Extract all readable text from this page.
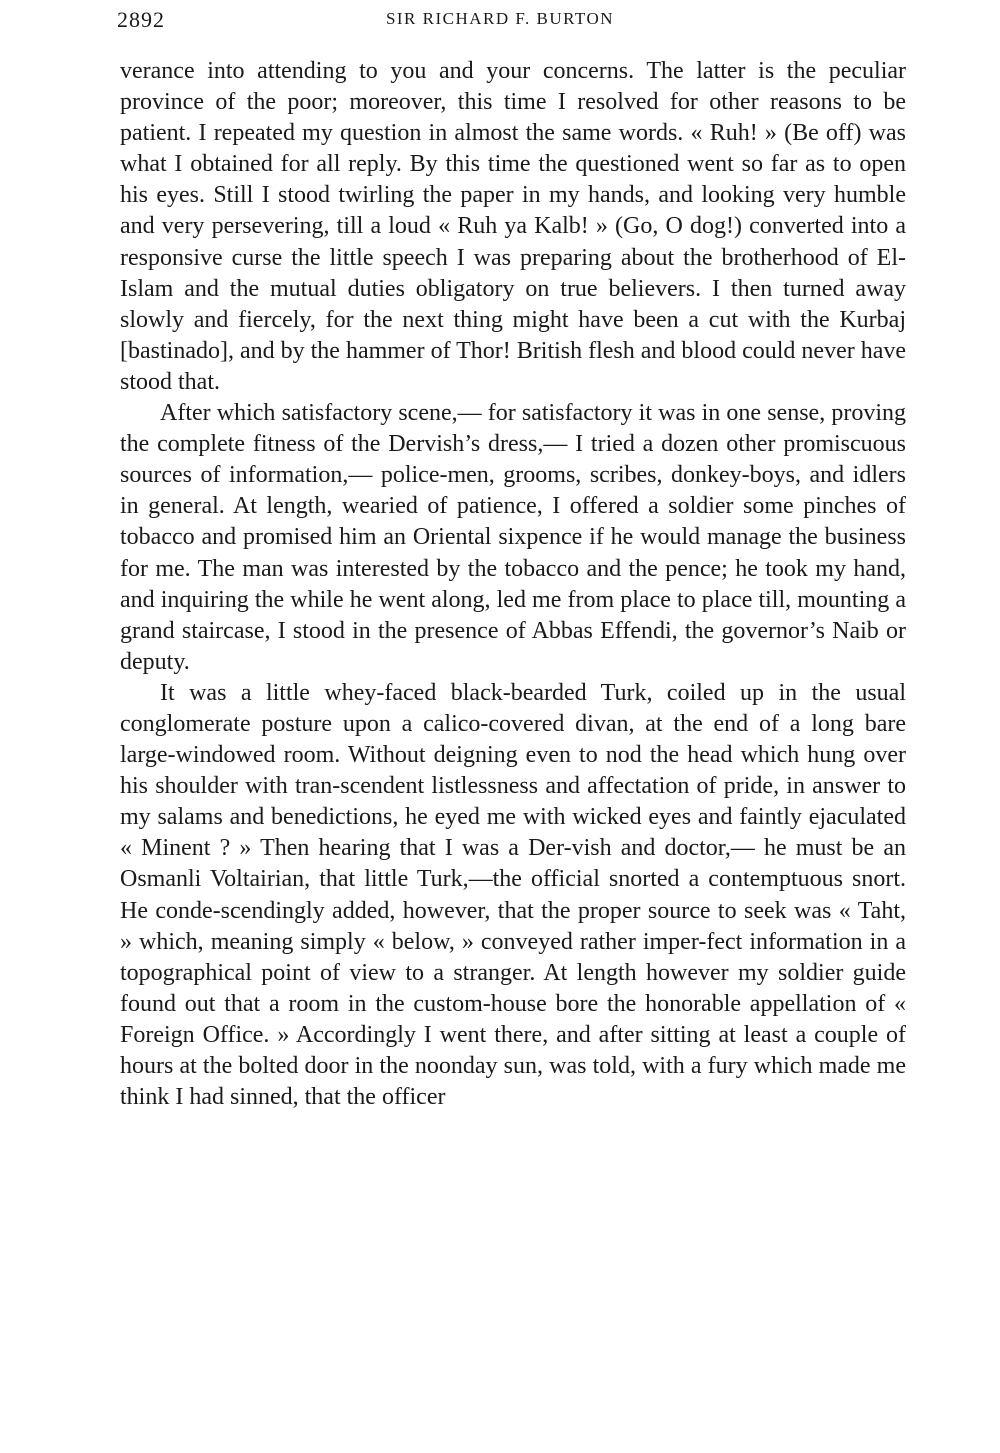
2892	SIR RICHARD F. BURTON

verance into attending to you and your concerns. The latter is the peculiar province of the poor; moreover, this time I resolved for other reasons to be patient. I repeated my question in almost the same words. « Ruh! » (Be off) was what I obtained for all reply. By this time the questioned went so far as to open his eyes. Still I stood twirling the paper in my hands, and looking very humble and very persevering, till a loud « Ruh ya Kalb! » (Go, O dog!) converted into a responsive curse the little speech I was preparing about the brotherhood of El-Islam and the mutual duties obligatory on true believers. I then turned away slowly and fiercely, for the next thing might have been a cut with the Kurbaj [bastinado], and by the hammer of Thor! British flesh and blood could never have stood that.

After which satisfactory scene,— for satisfactory it was in one sense, proving the complete fitness of the Dervish’s dress,— I tried a dozen other promiscuous sources of information,— police-men, grooms, scribes, donkey-boys, and idlers in general. At length, wearied of patience, I offered a soldier some pinches of tobacco and promised him an Oriental sixpence if he would manage the business for me. The man was interested by the tobacco and the pence; he took my hand, and inquiring the while he went along, led me from place to place till, mounting a grand staircase, I stood in the presence of Abbas Effendi, the governor’s Naib or deputy.

It was a little whey-faced black-bearded Turk, coiled up in the usual conglomerate posture upon a calico-covered divan, at the end of a long bare large-windowed room. Without deigning even to nod the head which hung over his shoulder with tran-scendent listlessness and affectation of pride, in answer to my salams and benedictions, he eyed me with wicked eyes and faintly ejaculated « Minent ? » Then hearing that I was a Der-vish and doctor,— he must be an Osmanli Voltairian, that little Turk,—the official snorted a contemptuous snort. He conde-scendingly added, however, that the proper source to seek was « Taht, » which, meaning simply « below, » conveyed rather imper-fect information in a topographical point of view to a stranger. At length however my soldier guide found out that a room in the custom-house bore the honorable appellation of « Foreign Office. » Accordingly I went there, and after sitting at least a couple of hours at the bolted door in the noonday sun, was told, with a fury which made me think I had sinned, that the officer
